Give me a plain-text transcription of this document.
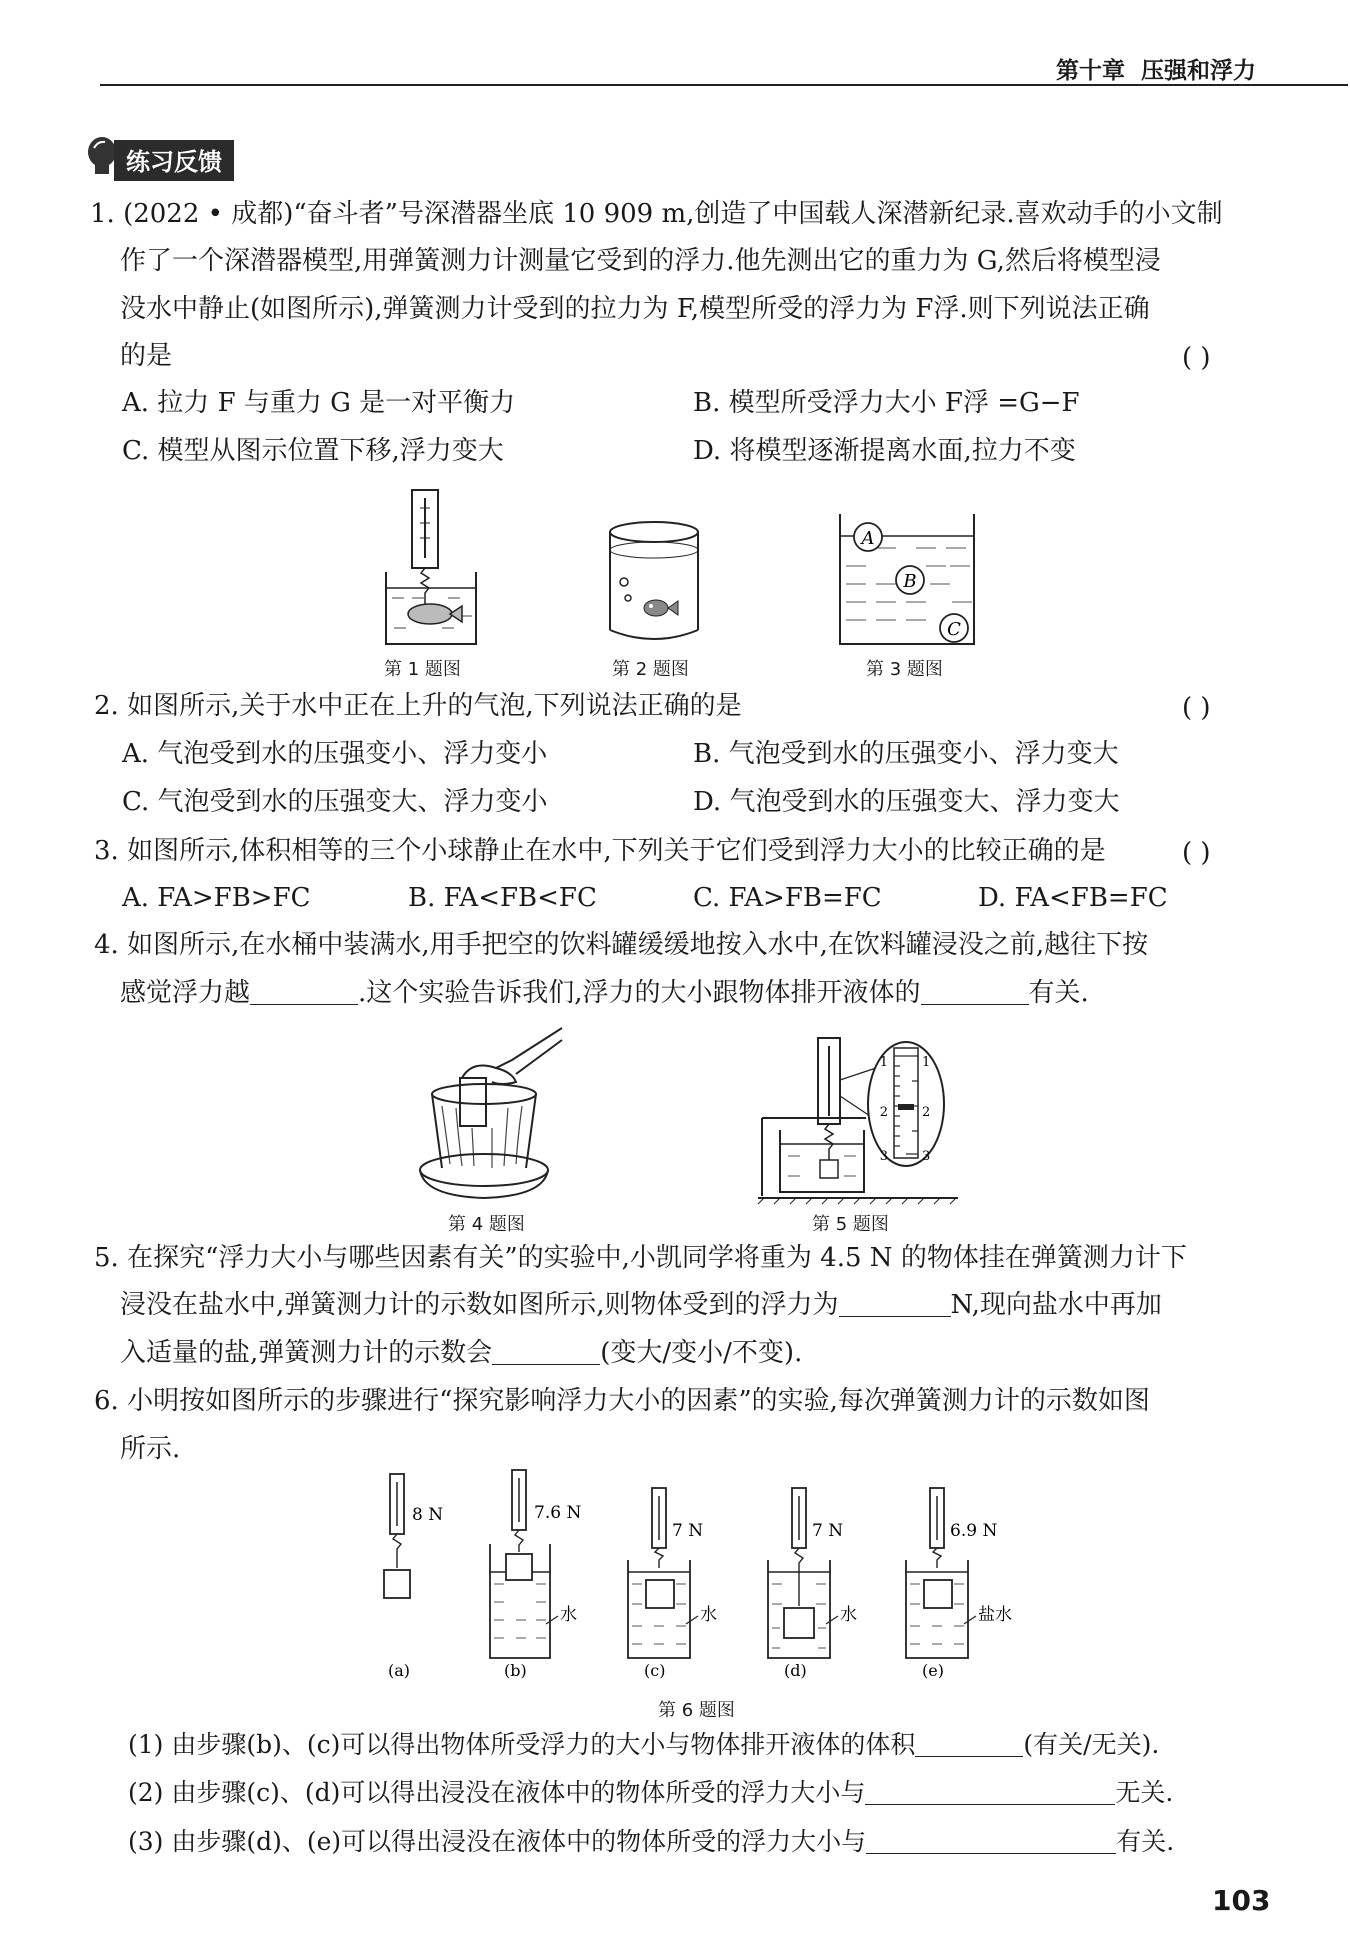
第十章 压强和浮力
练习反馈
1. (2022 • 成都)“奋斗者”号深潜器坐底 10 909 m,创造了中国载人深潜新纪录.喜欢动手的小文制
作了一个深潜器模型,用弹簧测力计测量它受到的浮力.他先测出它的重力为 G,然后将模型浸
没水中静止(如图所示),弹簧测力计受到的拉力为 F,模型所受的浮力为 F浮.则下列说法正确
的是	( )
A. 拉力 F 与重力 G 是一对平衡力	B. 模型所受浮力大小 F浮 =G−F
C. 模型从图示位置下移,浮力变大	D. 将模型逐渐提离水面,拉力不变
第 1 题图	第 2 题图
A
B
C
第 3 题图
2. 如图所示,关于水中正在上升的气泡,下列说法正确的是	( )
A. 气泡受到水的压强变小、浮力变小	B. 气泡受到水的压强变小、浮力变大
C. 气泡受到水的压强变大、浮力变小	D. 气泡受到水的压强变大、浮力变大
3. 如图所示,体积相等的三个小球静止在水中,下列关于它们受到浮力大小的比较正确的是	( )
A. FA>FB>FC	B. FA<FB<FC	C. FA>FB=FC	D. FA<FB=FC
4. 如图所示,在水桶中装满水,用手把空的饮料罐缓缓地按入水中,在饮料罐浸没之前,越往下按
感觉浮力越	.这个实验告诉我们,浮力的大小跟物体排开液体的	有关.
第 4 题图
1
2
3
1
2
3
第 5 题图
5. 在探究“浮力大小与哪些因素有关”的实验中,小凯同学将重为 4.5 N 的物体挂在弹簧测力计下
浸没在盐水中,弹簧测力计的示数如图所示,则物体受到的浮力为	N,现向盐水中再加
入适量的盐,弹簧测力计的示数会	(变大/变小/不变).
6. 小明按如图所示的步骤进行“探究影响浮力大小的因素”的实验,每次弹簧测力计的示数如图
所示.
8 N
(a)
7.6 N
水
(b)
7 N
水
(c)
7 N
水
(d)
6.9 N
盐水
(e)
第 6 题图
(1) 由步骤(b)、(c)可以得出物体所受浮力的大小与物体排开液体的体积	(有关/无关).
(2) 由步骤(c)、(d)可以得出浸没在液体中的物体所受的浮力大小与	无关.
(3) 由步骤(d)、(e)可以得出浸没在液体中的物体所受的浮力大小与	有关.
103
